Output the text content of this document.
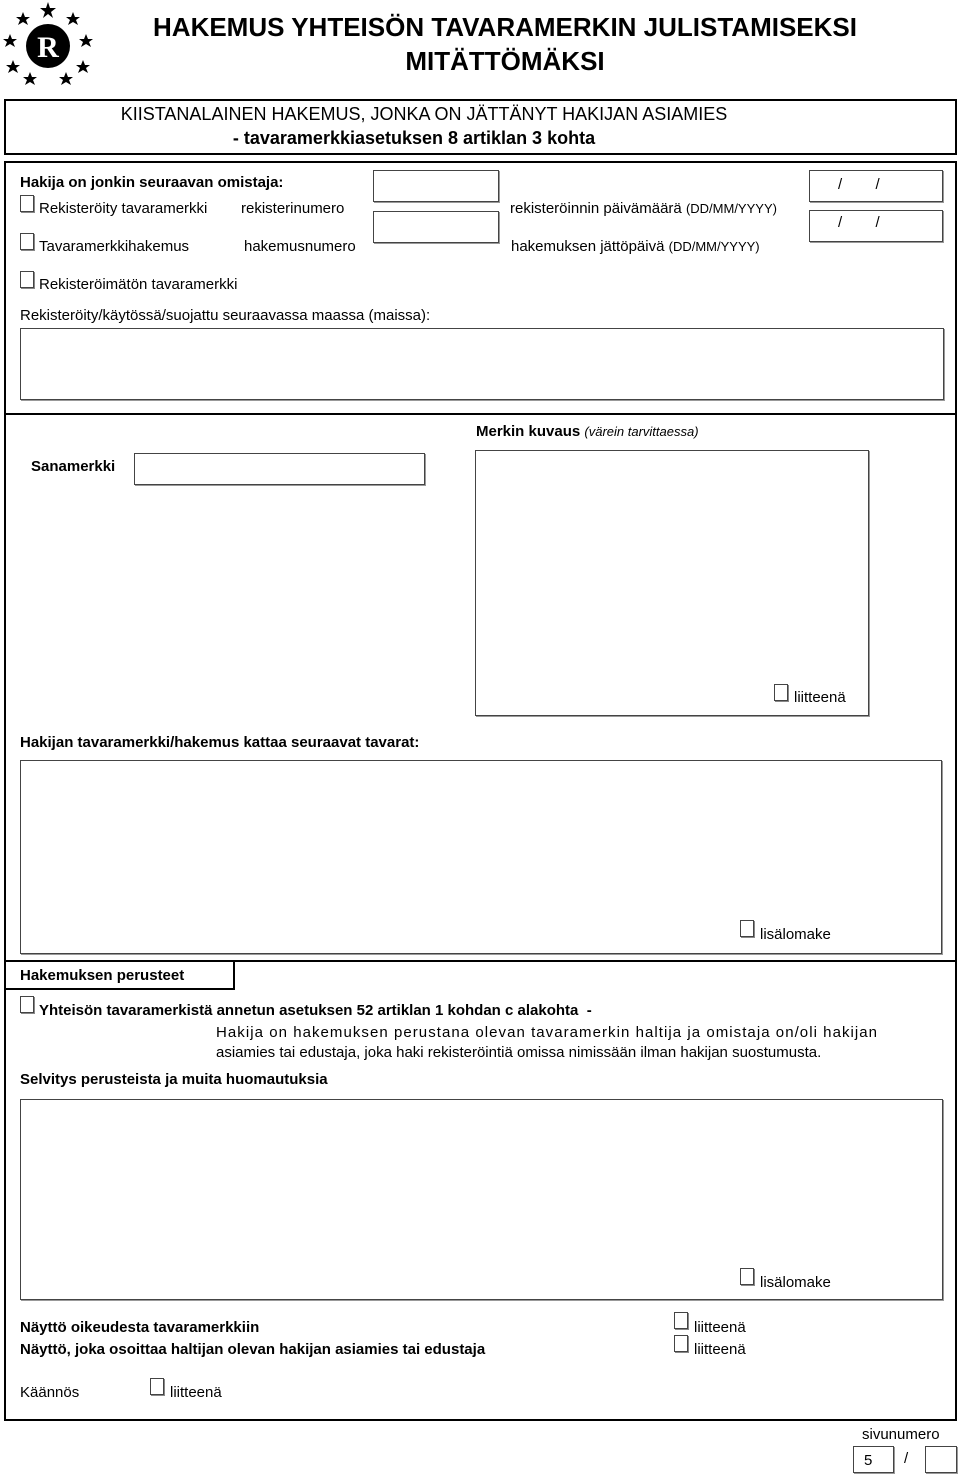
R
HAKEMUS YHTEISÖN TAVARAMERKIN JULISTAMISEKSI
MITÄTTÖMÄKSI
KIISTANALAINEN HAKEMUS, JONKA ON JÄTTÄNYT HAKIJAN ASIAMIES
- tavaramerkkiasetuksen 8 artiklan 3 kohta
Hakija on jonkin seuraavan omistaja:
Rekisteröity tavaramerkki rekisterinumero	rekisteröinnin päivämäärä (DD/MM/YYYY)
/        /
Tavaramerkkihakemus	hakemusnumero	hakemuksen jättöpäivä (DD/MM/YYYY)
/        /
Rekisteröimätön tavaramerkki
Rekisteröity/käytössä/suojattu seuraavassa maassa (maissa):
Sanamerkki
Merkin kuvaus (värein tarvittaessa)
liitteenä
Hakijan tavaramerkki/hakemus kattaa seuraavat tavarat:
lisälomake
Hakemuksen perusteet
Yhteisön tavaramerkistä annetun asetuksen 52 artiklan 1 kohdan c alakohta  -
Hakija on hakemuksen perustana olevan tavaramerkin haltija ja omistaja on/oli hakijan
asiamies tai edustaja, joka haki rekisteröintiä omissa nimissään ilman hakijan suostumusta.
Selvitys perusteista ja muita huomautuksia
lisälomake
Näyttö oikeudesta tavaramerkkiin	liitteenä
Näyttö, joka osoittaa haltijan olevan hakijan asiamies tai edustaja	liitteenä
Käännös	liitteenä
sivunumero
5 /
